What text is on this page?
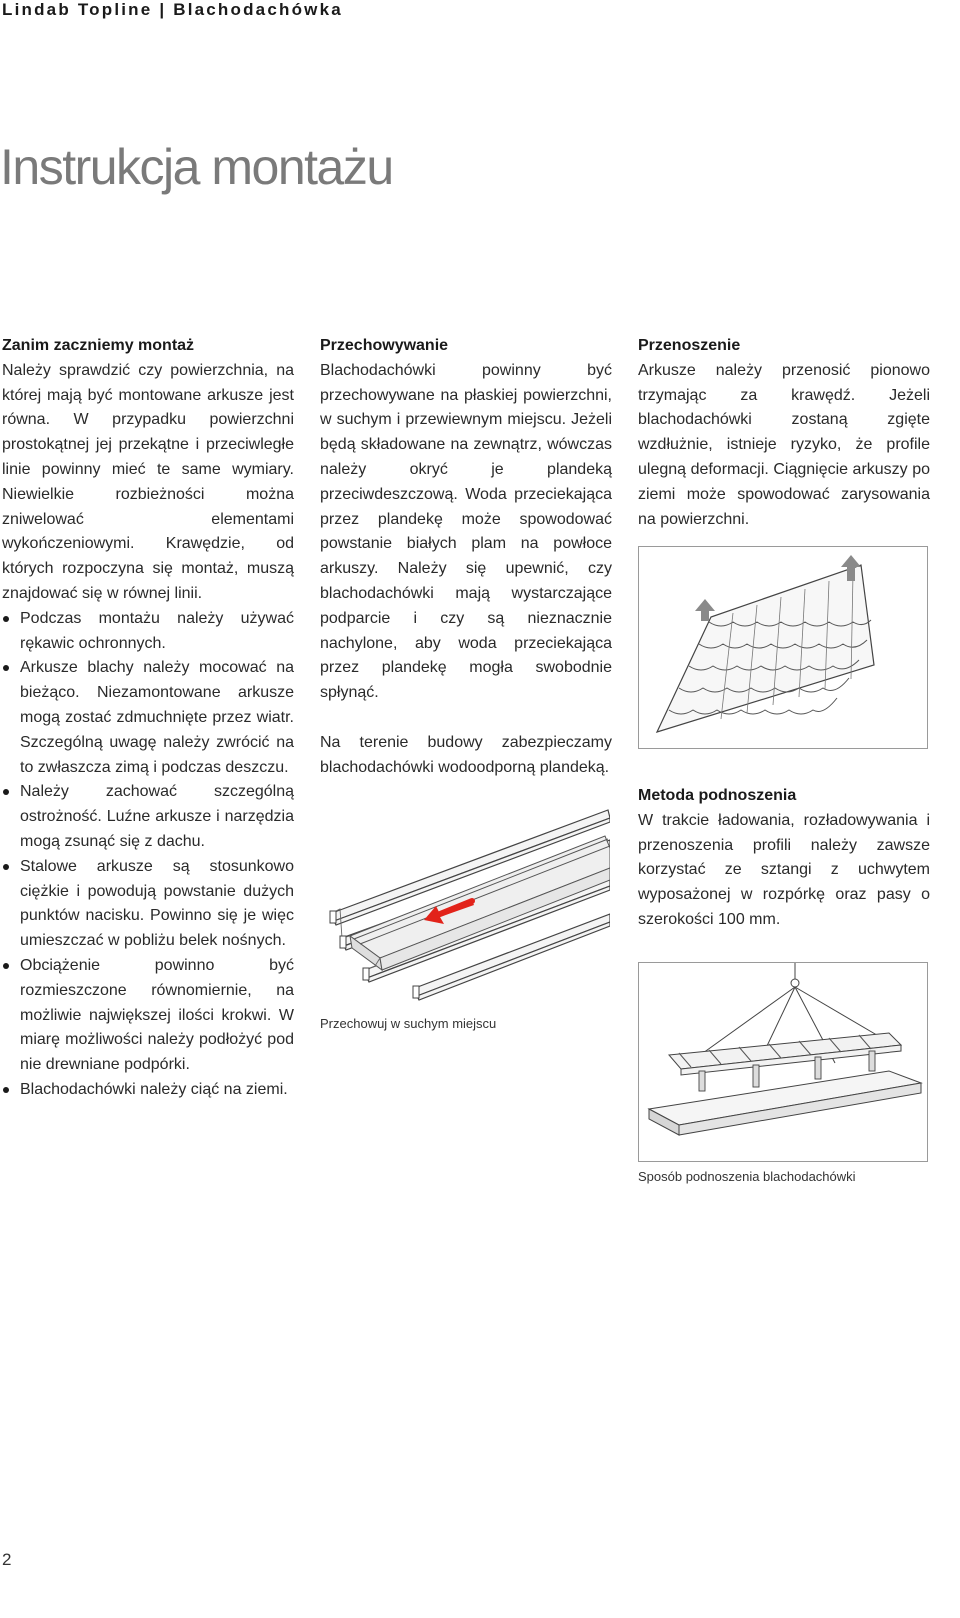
Lindab Topline | Blachodachówka
Instrukcja montażu
Zanim zaczniemy montaż

Należy sprawdzić czy powierzchnia, na której mają być montowane arkusze jest równa. W przypadku powierzchni prostokątnej jej przekątne i przeciwległe linie powinny mieć te same wymiary. Niewielkie rozbieżności można zniwelować elementami wykończeniowymi. Krawędzie, od których rozpoczyna się montaż, muszą znajdować się w równej linii.

Podczas montażu należy używać rękawic ochronnych.
Arkusze blachy należy mocować na bieżąco. Niezamontowane arkusze mogą zostać zdmuchnięte przez wiatr. Szczególną uwagę należy zwrócić na to zwłaszcza zimą i podczas deszczu.
Należy zachować szczególną ostrożność. Luźne arkusze i narzędzia mogą zsunąć się z dachu.
Stalowe arkusze są stosunkowo ciężkie i powodują powstanie dużych punktów nacisku. Powinno się je więc umieszczać w pobliżu belek nośnych.
Obciążenie powinno być rozmieszczone równomiernie, na możliwie największej ilości krokwi. W miarę możliwości należy podłożyć pod nie drewniane podpórki.
Blachodachówki należy ciąć na ziemi.
Przechowywanie

Blachodachówki powinny być przechowywane na płaskiej powierzchni, w suchym i przewiewnym miejscu. Jeżeli będą składowane na zewnątrz, wówczas należy okryć je plandeką przeciwdeszczową. Woda przeciekająca przez plandekę może spowodować powstanie białych plam na powłoce arkuszy. Należy się upewnić, czy blachodachówki mają wystarczające podparcie i czy są nieznacznie nachylone, aby woda przeciekająca przez plandekę mogła swobodnie spłynąć.

Na terenie budowy zabezpieczamy blachodachówki wodoodporną plandeką.

Przechowuj w suchym miejscu
Przenoszenie

Arkusze należy przenosić pionowo trzymając za krawędź. Jeżeli blachodachówki zostaną zgięte wzdłużnie, istnieje ryzyko, że profile ulegną deformacji. Ciągnięcie arkuszy po ziemi może spowodować zarysowania na powierzchni.

Metoda podnoszenia

W trakcie ładowania, rozładowywania i przenoszenia profili należy zawsze korzystać ze sztangi z uchwytem wyposażonej w rozpórkę oraz pasy o szerokości 100 mm.

Sposób podnoszenia blachodachówki
2
